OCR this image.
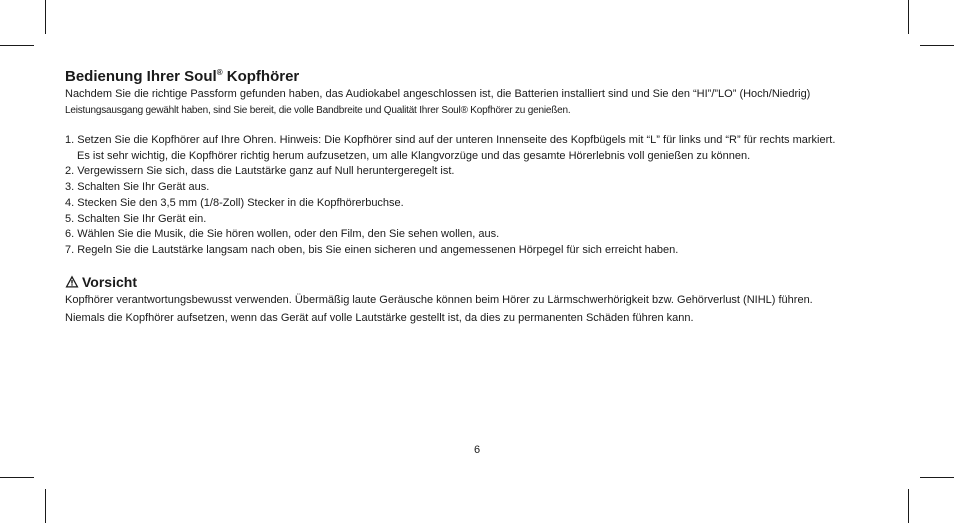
Bedienung Ihrer Soul® Kopfhörer

Nachdem Sie die richtige Passform gefunden haben, das Audiokabel angeschlossen ist, die Batterien installiert sind und Sie den “HI”/”LO” (Hoch/Niedrig)
Leistungsausgang gewählt haben, sind Sie bereit, die volle Bandbreite und Qualität Ihrer Soul® Kopfhörer zu genießen.

1. Setzen Sie die Kopfhörer auf Ihre Ohren. Hinweis: Die Kopfhörer sind auf der unteren Innenseite des Kopfbügels mit “L” für links und “R” für rechts markiert.
Es ist sehr wichtig, die Kopfhörer richtig herum aufzusetzen, um alle Klangvorzüge und das gesamte Hörerlebnis voll genießen zu können.
2. Vergewissern Sie sich, dass die Lautstärke ganz auf Null heruntergeregelt ist.
3. Schalten Sie Ihr Gerät aus.
4. Stecken Sie den 3,5 mm (1/8-Zoll) Stecker in die Kopfhörerbuchse.
5. Schalten Sie Ihr Gerät ein.
6. Wählen Sie die Musik, die Sie hören wollen, oder den Film, den Sie sehen wollen, aus.
7. Regeln Sie die Lautstärke langsam nach oben, bis Sie einen sicheren und angemessenen Hörpegel für sich erreicht haben.
Vorsicht

Kopfhörer verantwortungsbewusst verwenden. Übermäßig laute Geräusche können beim Hörer zu Lärmschwerhörigkeit bzw. Gehörverlust (NIHL) führen.
Niemals die Kopfhörer aufsetzen, wenn das Gerät auf volle Lautstärke gestellt ist, da dies zu permanenten Schäden führen kann.

6
